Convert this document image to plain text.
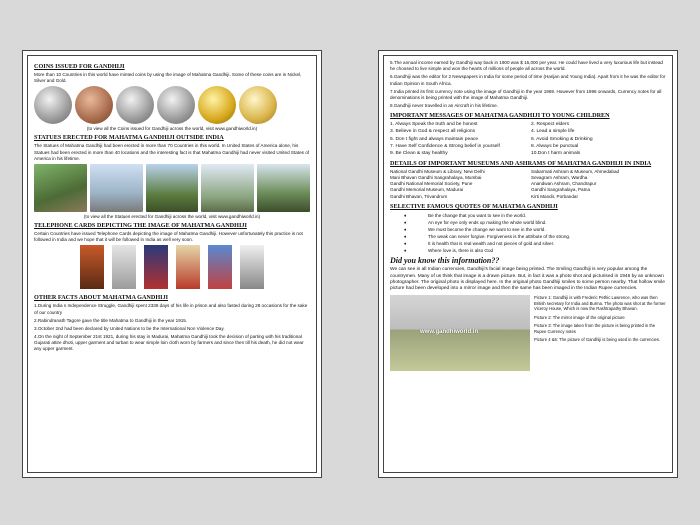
COINS ISSUED FOR GANDHIJI

More than 10 Countries in this world have minted coins by using the image of Mahatma Gandhiji. Some of these coins are in Nickel, Silver and Gold.

(to view all the Coins issued for Gandhiji across the world, visit www.gandhiworld.in)
STATUES ERECTED FOR MAHATMA GANDHIJI OUTSIDE INDIA

The Statues of Mahatma Gandhiji had been erected in more than 70 Countries in this world. In United States of America alone, his Statues had been erected in more than 40 locations and the interesting fact is that Mahatma Gandhiji had never visited United States of America in his lifetime.

(to view all the Statues erected for Gandhiji across the world, visit www.gandhiworld.in)
TELEPHONE CARDS DEPICTING THE IMAGE OF MAHATMA GANDHIJI

Certain Countries have issued Telephone Cards depicting the image of Mahatma Gandhiji. However unfortunately this practice is not followed in India and we hope that it will be followed in India as well very soon.

OTHER FACTS ABOUT MAHATMA GANDHIJI

1.During India s Independence Struggle, Gandhiji spent 2338 days of his life in prison and also fasted during 28 occasions for the sake of our country

2.Rabindranath Tagore gave the title Mahatma to Gandhiji in the year 1915.

3.October 2nd had been declared by United Nations to be the International Non Violence Day.

4.On the night of September 21st 1921, during his stay in Madurai, Mahatma Gandhiji took the decision of parting with his traditional Gujarati attire dhoti, upper garment and turban to wear simple loin cloth worn by farmers and since then till his death, he did not wear any upper garment.

5.The annual income earned by Gandhiji way back in 1900 was $ 15,000 per year. He could have lived a very luxurious life but instead he choosed to live simple and won the hearts of millions of people all across the world.

6.Gandhiji was the editor for 2 Newspapers in India for some period of time (Harijan and Young India). Apart from it he was the editor for Indian Opinion in South Africa.

7.India printed its first currency note using the image of Gandhiji in the year 1969. However from 1996 onwards, Currency notes for all denominations is being printed with the image of Mahatma Gandhiji.

8.Gandhiji never travelled in an Aircraft in his lifetime.

IMPORTANT MESSAGES OF MAHATMA GANDHIJI TO YOUNG CHILDREN
1. Always Speak the truth and be honest	2. Respect elders
3. Believe in God & respect all religions	4. Lead a simple life
5. Don t fight and always maintain peace	6. Avoid Smoking & Drinking
7. Have Self Confidence & Strong belief in yourself	8. Always be punctual
9. Be Clean & stay healthy	10.Don t harm animals
DETAILS OF IMPORTANT MUSEUMS AND ASHRAMS OF MAHATMA GANDHIJI IN INDIA
National Gandhi Museum & Library, New Delhi	Sabarmati Ashram & Museum, Ahmedabad
Mani Bhavan Gandhi Sangrahalaya, Mumbai	Sevagram Ashram, Wardha
Gandhi National Memorial Society, Pune	Anandwan Ashram, Chandrapur
Gandhi Memorial Museum, Madurai	Gandhi Sangrahalaya, Patna
Gandhi Bhavan, Trivandrum	Kirti Mandir, Porbandar
SELECTIVE FAMOUS QUOTES OF MAHATMA GANDHIJI
♦ Be the change that you want to see in the world.
♦ An eye for eye only ends up making the whole world blind.
♦ We must become the change we want to see in the world.
♦ The weak can never forgive. Forgiveness is the attribute of the strong.
♦ It is health that is real wealth and not pieces of gold and silver.
♦ Where love is, there is also God
Did you know this information??

We can see in all Indian currencies, Gandhiji's facial image being printed. The Smiling Gandhiji is very popular among the countrymen. Many of us think that image is a drawn picture. But, in fact it was a photo shot and picturised in 1946 by an unknown photographer. The original photo is displayed here. In the original photo Gandhiji smiles to some person nearby. That hollow smile picture had been developed into a mirror image and then the same has been imaged in the Indian Rupee currencies.

www.gandhiworld.in
Picture 1: Gandhiji is with Frederic Pethic Lawrence, who was then British secretary for India and Burma. The photo was shot at the former Viceroy House, Which is now the Rashtrapathy Bhavan.
Picture 2: The mirror image of the original picture
Picture 3: The image taken from the picture is being printed in the Rupee Currency notes
Picture 4 &5: The picture of Gandhiji is being used in the currencies.
